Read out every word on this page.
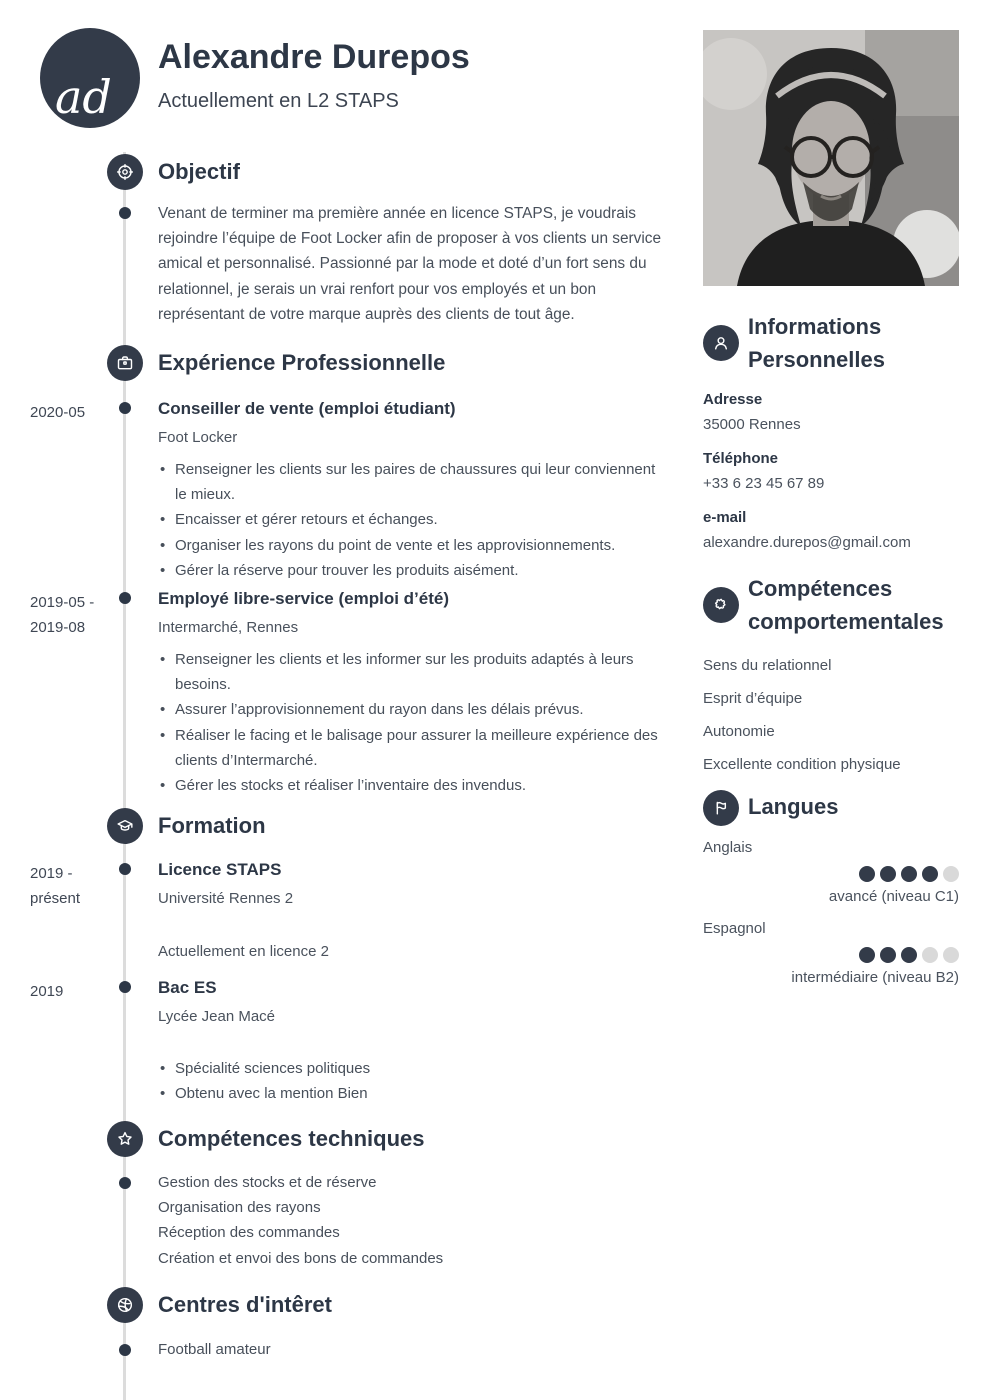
ad
Alexandre Durepos
Actuellement en L2 STAPS
Objectif
Venant de terminer ma première année en licence STAPS, je voudrais rejoindre l’équipe de Foot Locker afin de proposer à vos clients un service amical et personnalisé. Passionné par la mode et doté d’un fort sens du relationnel, je serais un vrai renfort pour vos employés et un bon représentant de votre marque auprès des clients de tout âge.
Expérience Professionnelle
2020-05	Conseiller de vente (emploi étudiant)
Foot Locker
• Renseigner les clients sur les paires de chaussures qui leur conviennent le mieux.
• Encaisser et gérer retours et échanges.
• Organiser les rayons du point de vente et les approvisionnements.
• Gérer la réserve pour trouver les produits aisément.
2019-05 -
2019-08
Employé libre-service (emploi d’été)
Intermarché, Rennes
• Renseigner les clients et les informer sur les produits adaptés à leurs besoins.
• Assurer l’approvisionnement du rayon dans les délais prévus.
• Réaliser le facing et le balisage pour assurer la meilleure expérience des clients d’Intermarché.
• Gérer les stocks et réaliser l’inventaire des invendus.
Formation
2019 -
présent
Licence STAPS
Université Rennes 2
Actuellement en licence 2
2019	Bac ES
Lycée Jean Macé
• Spécialité sciences politiques
• Obtenu avec la mention Bien
Compétences techniques
Gestion des stocks et de réserve
Organisation des rayons
Réception des commandes
Création et envoi des bons de commandes
Centres d'intêret
Football amateur
Informations
Personnelles
Adresse
35000 Rennes
Téléphone
+33 6 23 45 67 89
e-mail
alexandre.durepos@gmail.com
Compétences
comportementales
Sens du relationnel
Esprit d’équipe
Autonomie
Excellente condition physique
Langues
Anglais
avancé (niveau C1)
Espagnol
intermédiaire (niveau B2)
